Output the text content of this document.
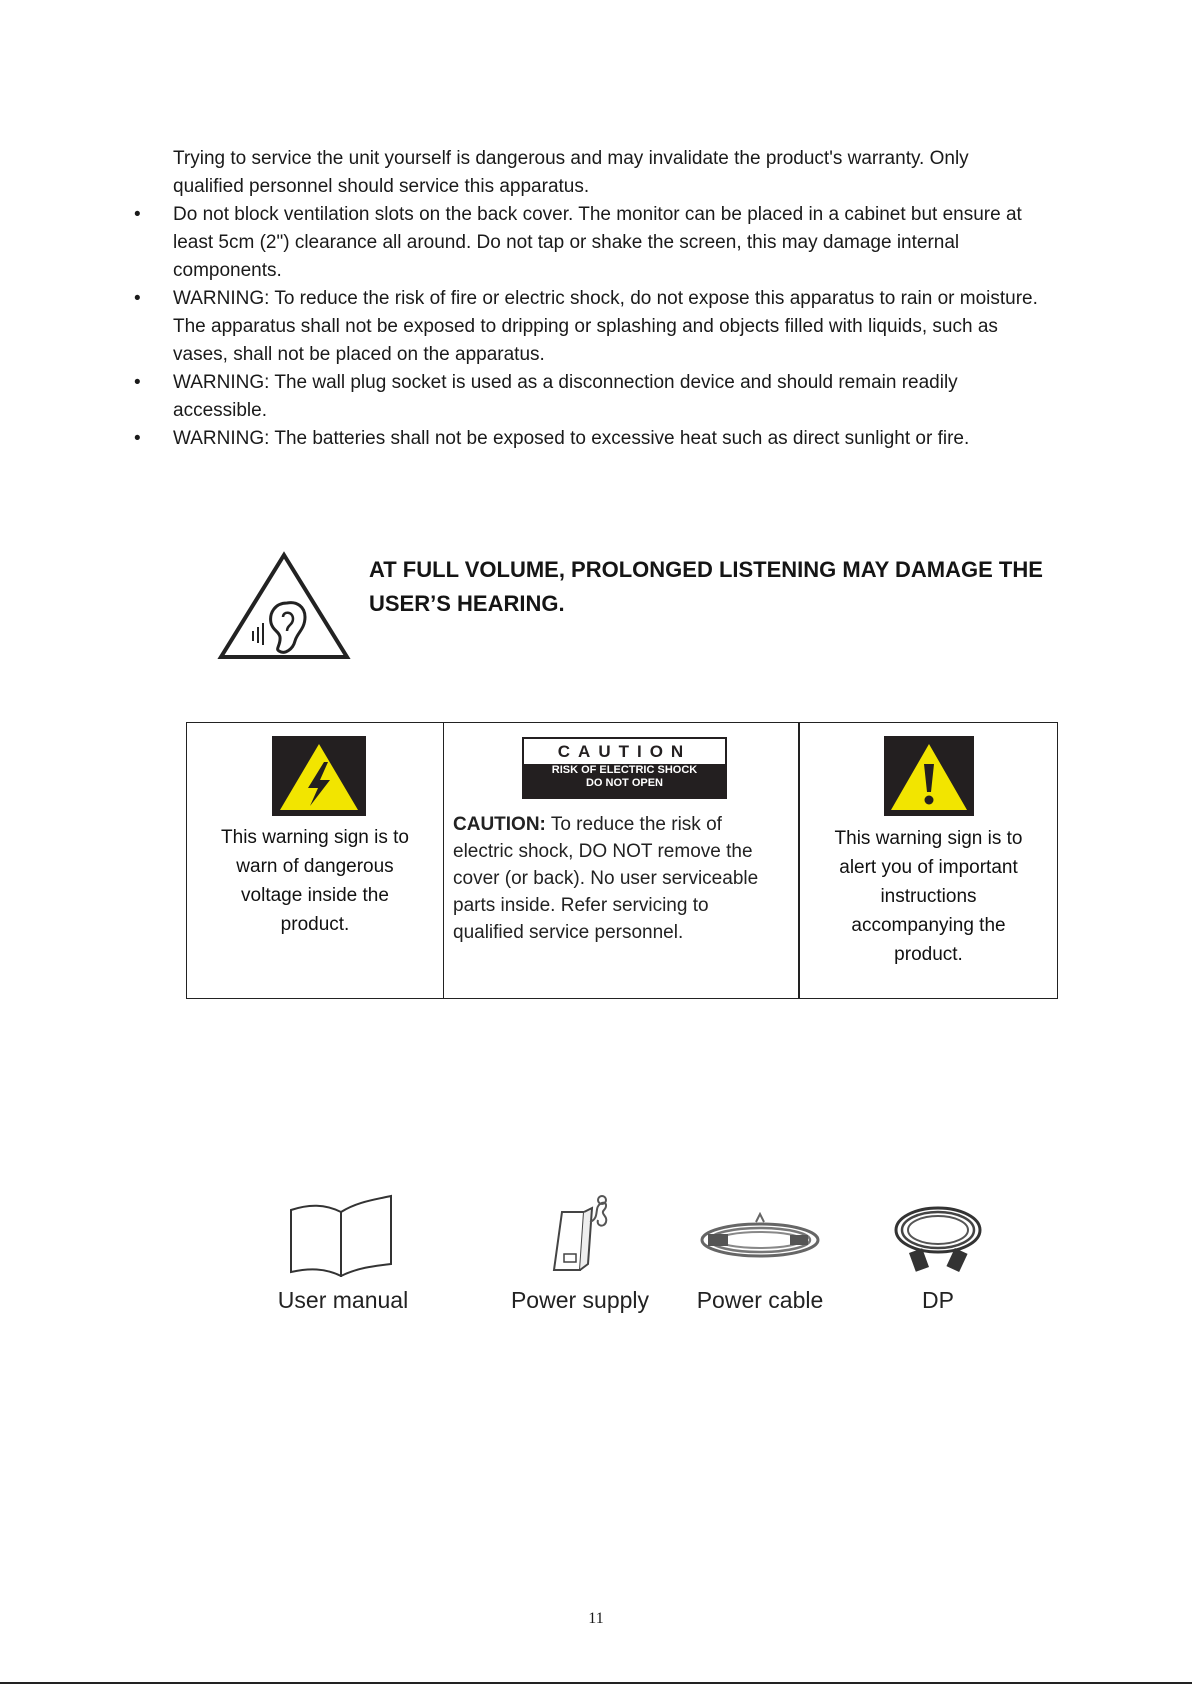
Trying to service the unit yourself is dangerous and may invalidate the product's warranty. Only
qualified personnel should service this apparatus.
•	Do not block ventilation slots on the back cover. The monitor can be placed in a cabinet but ensure at
least 5cm (2") clearance all around. Do not tap or shake the screen, this may damage internal
components.
•	WARNING: To reduce the risk of fire or electric shock, do not expose this apparatus to rain or moisture.
The apparatus shall not be exposed to dripping or splashing and objects filled with liquids, such as
vases, shall not be placed on the apparatus.
•	WARNING: The wall plug socket is used as a disconnection device and should remain readily
accessible.
•	WARNING: The batteries shall not be exposed to excessive heat such as direct sunlight or fire.
AT FULL VOLUME, PROLONGED LISTENING MAY DAMAGE THE
USER’S HEARING.
This warning sign is to
warn of dangerous
voltage inside the
product.
CAUTION
RISK OF ELECTRIC SHOCK
DO NOT OPEN
CAUTION: To reduce the risk of
electric shock, DO NOT remove the
cover (or back). No user serviceable
parts inside. Refer servicing to
qualified service personnel.
This warning sign is to
alert you of important
instructions
accompanying the
product.
User manual	Power supply	Power cable	DP
11
